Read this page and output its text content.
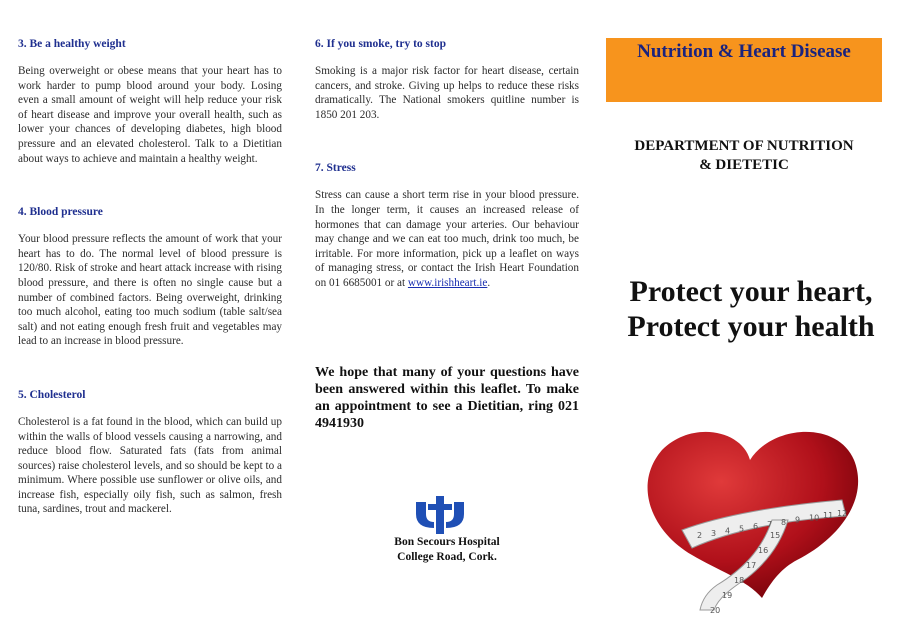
3. Be a healthy weight

Being overweight or obese means that your heart has to work harder to pump blood around your body. Losing even a small amount of weight will help reduce your risk of heart disease and improve your overall health, such as lower your chances of developing diabetes, high blood pressure and an elevated cholesterol. Talk to a Dietitian about ways to achieve and maintain a healthy weight.

4. Blood pressure

Your blood pressure reflects the amount of work that your heart has to do. The normal level of blood pressure is 120/80. Risk of stroke and heart attack increase with rising blood pressure, and there is often no single cause but a number of combined factors. Being overweight, drinking too much alcohol, eating too much sodium (table salt/sea salt) and not eating enough fresh fruit and vegetables may lead to an increase in blood pressure.

5. Cholesterol

Cholesterol is a fat found in the blood, which can build up within the walls of blood vessels causing a narrowing, and reduce blood flow. Saturated fats (fats from animal sources) raise cholesterol levels, and so should be kept to a minimum. Where possible use sunflower or olive oils, and increase fish, especially oily fish, such as salmon, fresh tuna, sardines, trout and mackerel.

6. If you smoke, try to stop

Smoking is a major risk factor for heart disease, certain cancers, and stroke. Giving up helps to reduce these risks dramatically. The National smokers quitline number is 1850 201 203.

7. Stress

Stress can cause a short term rise in your blood pressure. In the longer term, it causes an increased release of hormones that can damage your arteries. Our behaviour may change and we can eat too much, drink too much, be irritable. For more information, pick up a leaflet on ways of managing stress, or contact the Irish Heart Foundation on 01 6685001 or at www.irishheart.ie.

We hope that many of your questions have been answered within this leaflet. To make an appointment to see a Dietitian, ring 021 4941930

Bon Secours Hospital
College Road, Cork.
Nutrition & Heart Disease
DEPARTMENT OF NUTRITION
& DIETETIC
Protect your heart,
Protect your health
2 3 4 5 6 7 8 9 10 11 12
15
16
17
18
19
20
